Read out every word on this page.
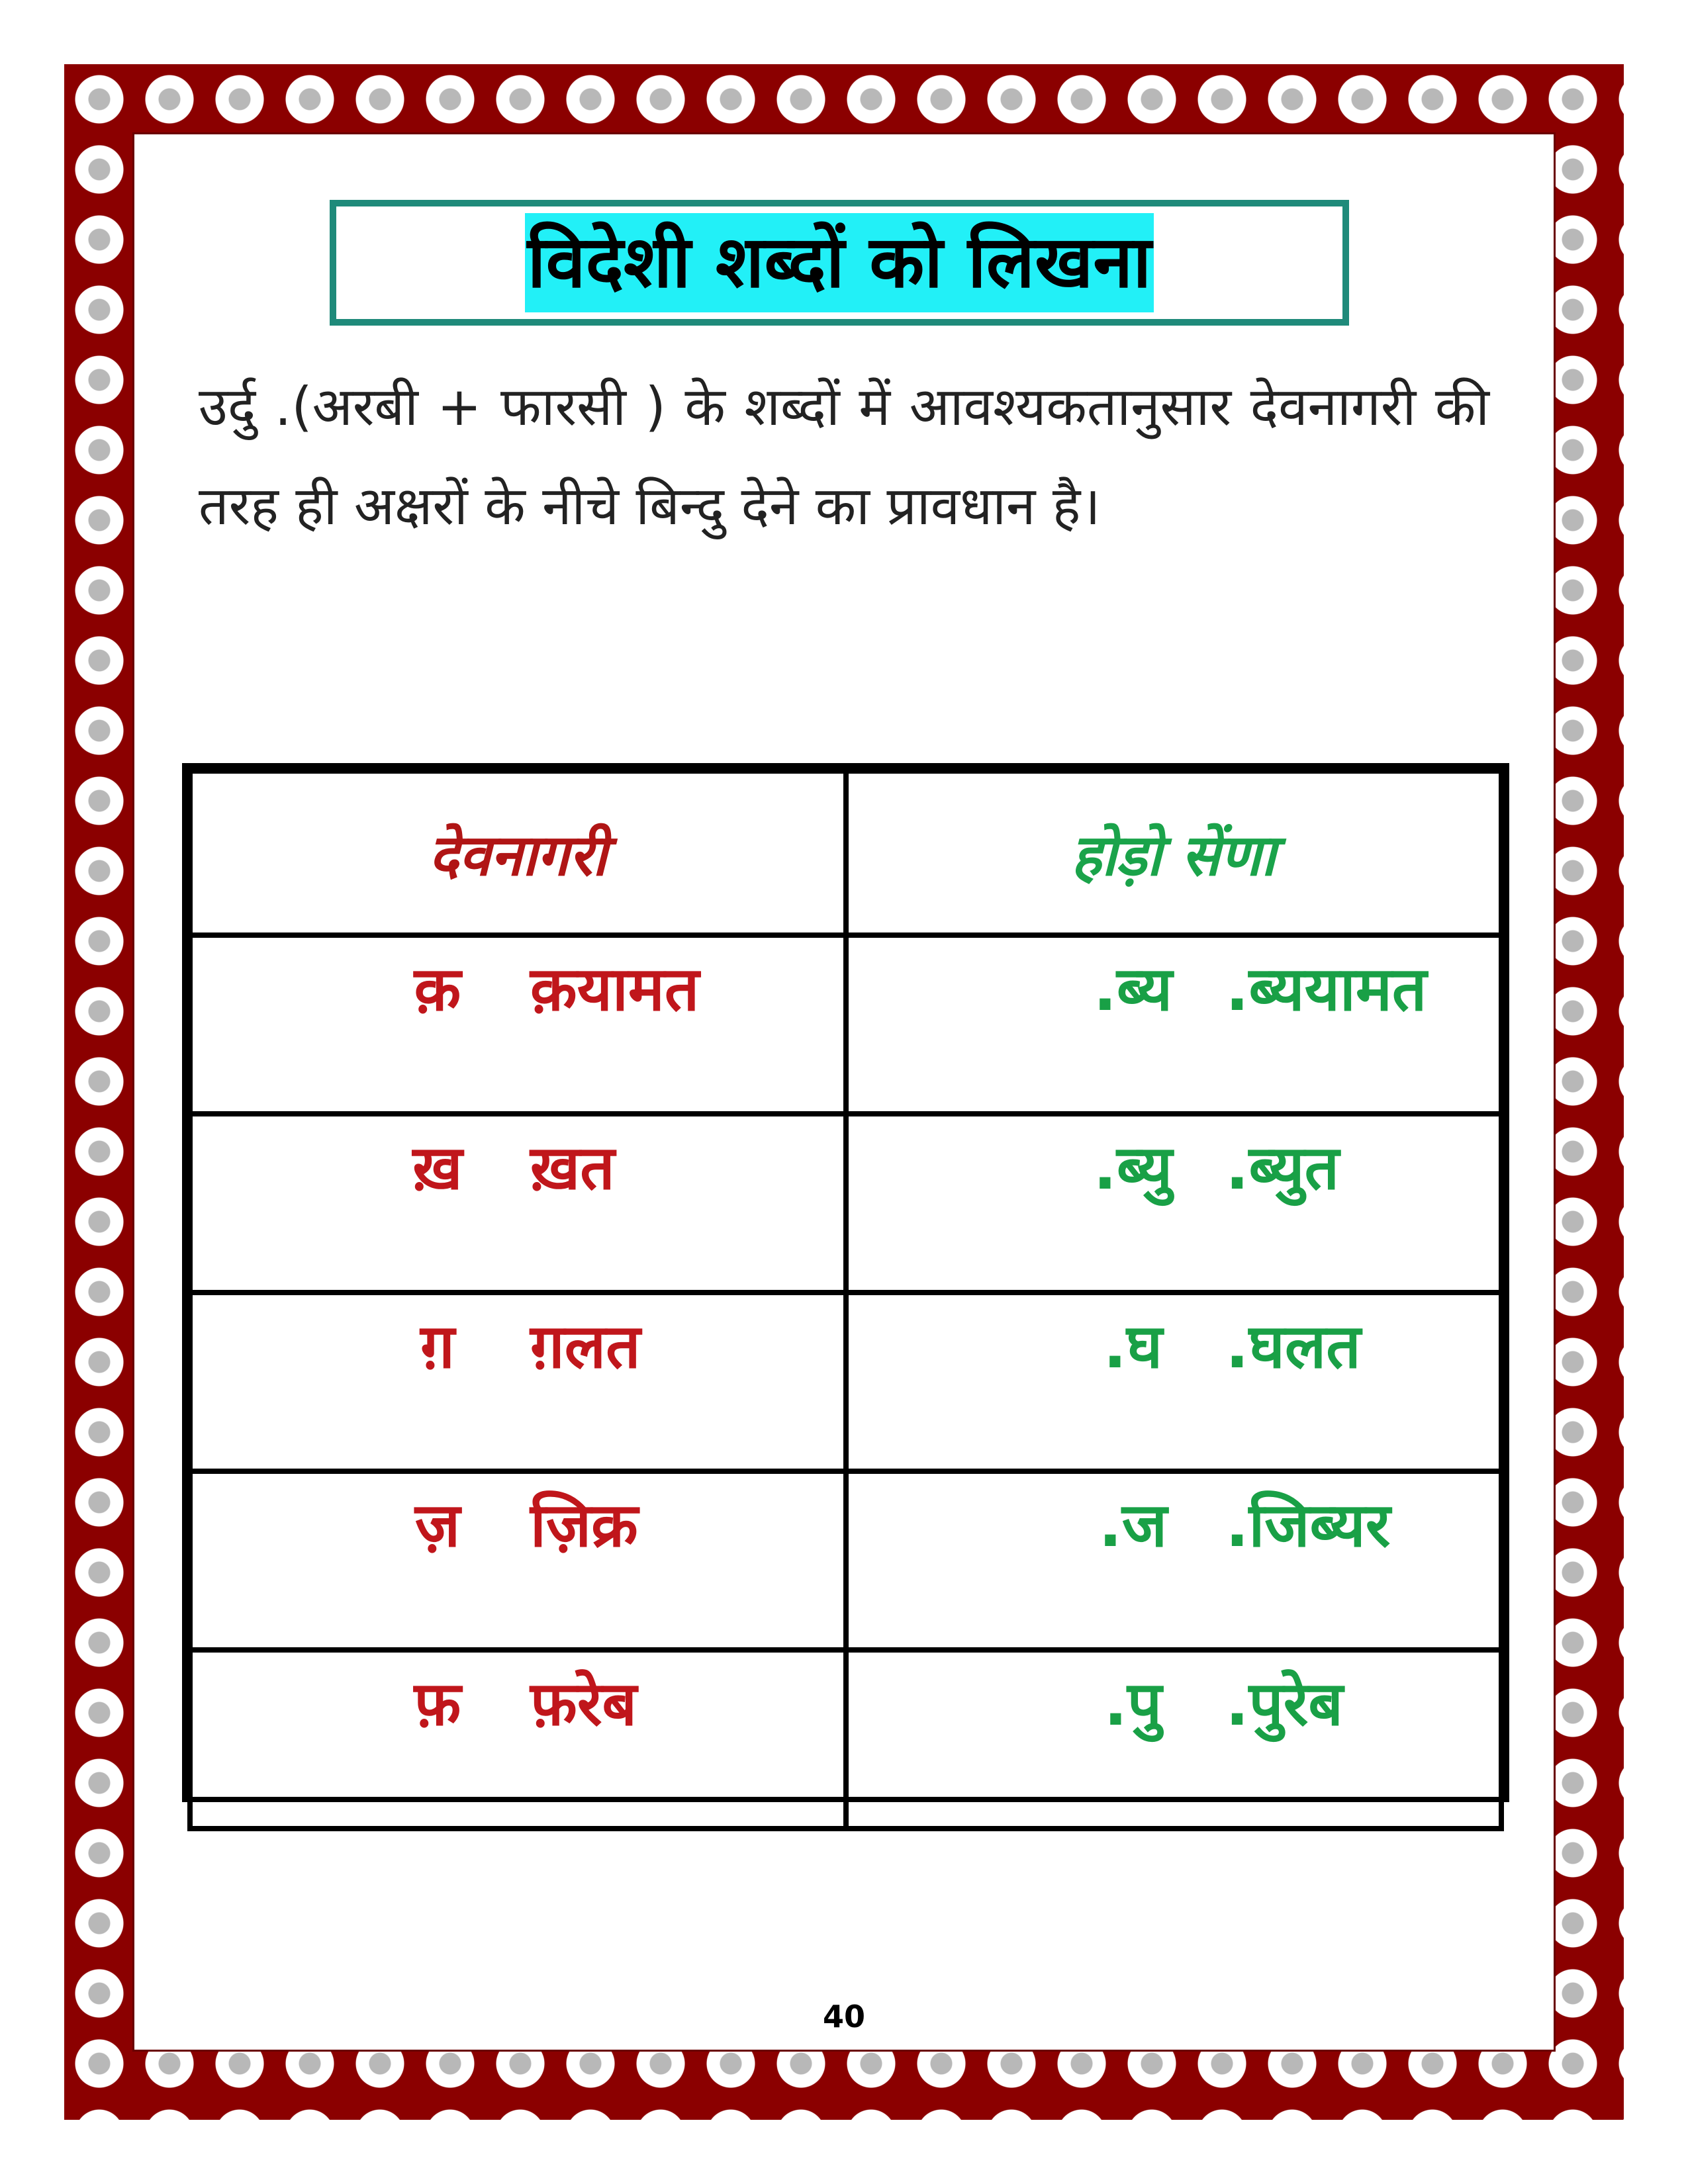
विदेशी शब्दों को लिखना
उर्दु .(अरबी + फारसी ) के शब्दों में आवश्यकतानुसार देवनागरी की तरह ही अक्षरों के नीचे बिन्दु देने का प्रावधान है।
देवनागरी	होड़ो सेंणा

क़ क़यामत	.ब्य .ब्ययामत

ख़ ख़त	.ब्यु .ब्युत

ग़ ग़लत	.घ .घलत

ज़ ज़िक्र	.ज .जिब्यर

फ़ फ़रेब	.पु .पुरेब
40
